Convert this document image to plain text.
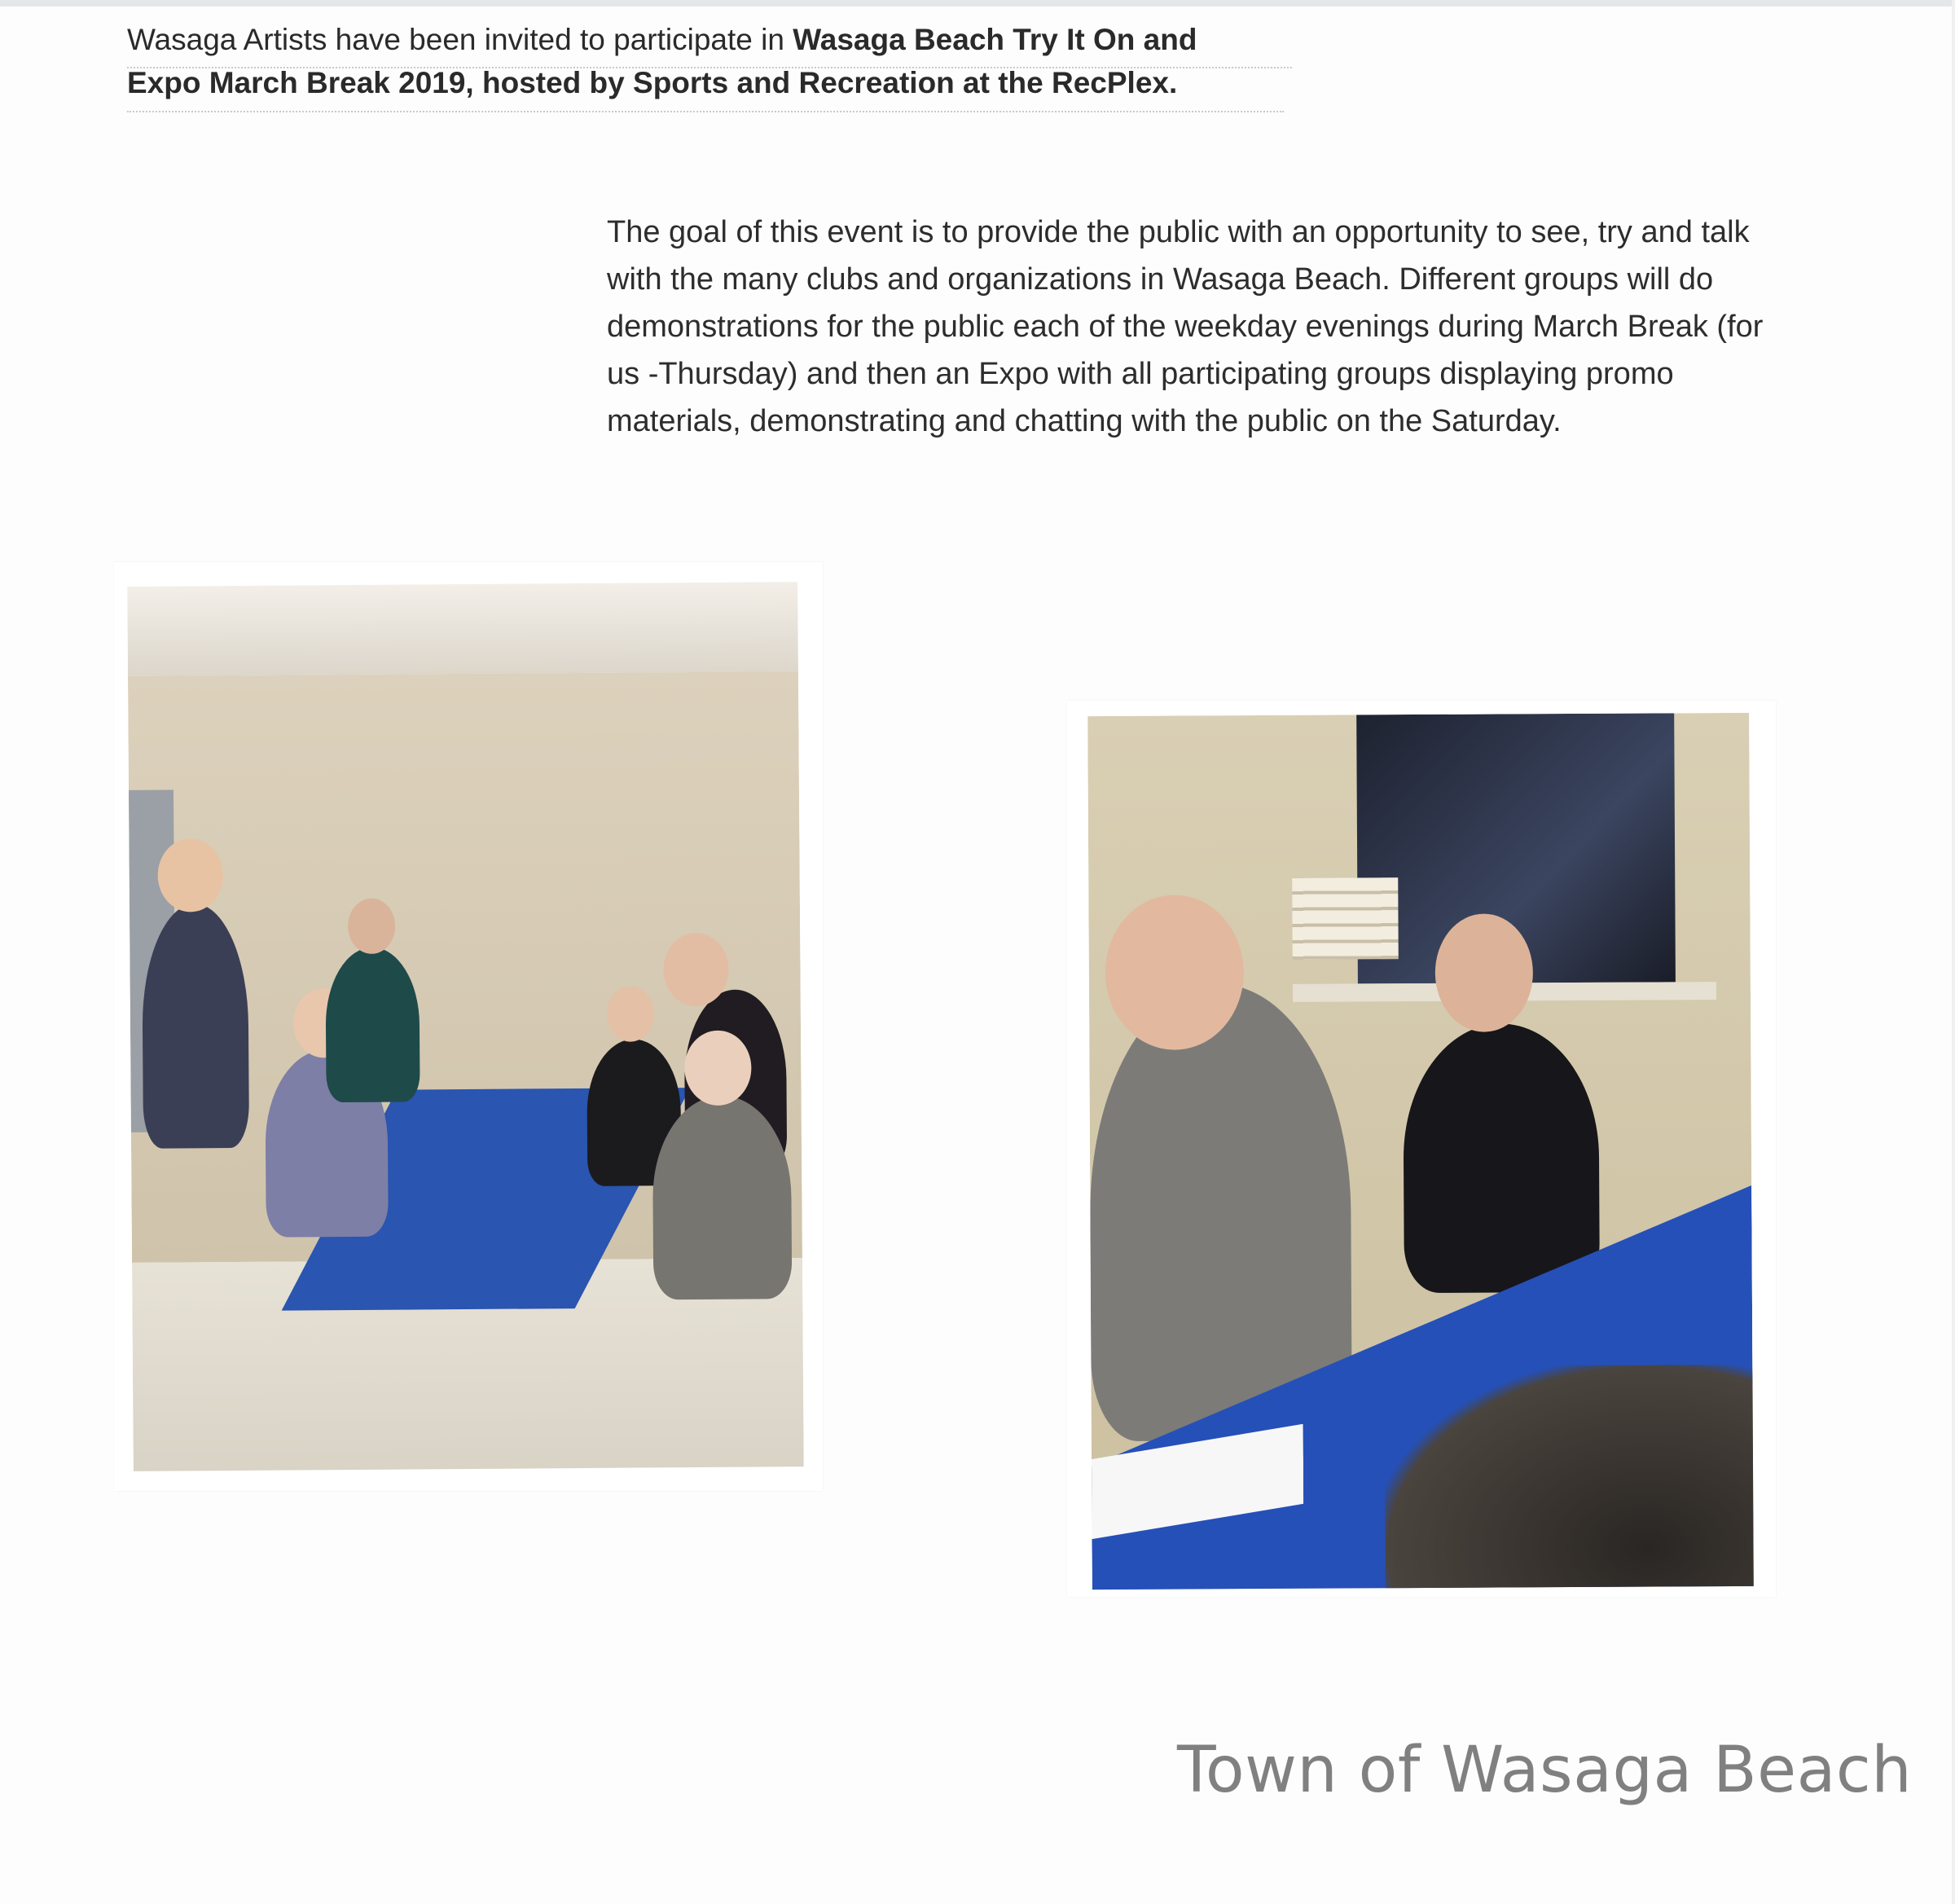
Wasaga Artists have been invited to participate in Wasaga Beach Try It On and
Expo March Break 2019, hosted by Sports and Recreation at the RecPlex.
The goal of this event is to provide the public with an opportunity to see, try and talk with the many clubs and organizations in Wasaga Beach. Different groups will do demonstrations for the public each of the weekday evenings during March Break (for us -Thursday) and then an Expo with all participating groups displaying promo materials, demonstrating and chatting with the public on the Saturday.
Town of Wasaga Beach
